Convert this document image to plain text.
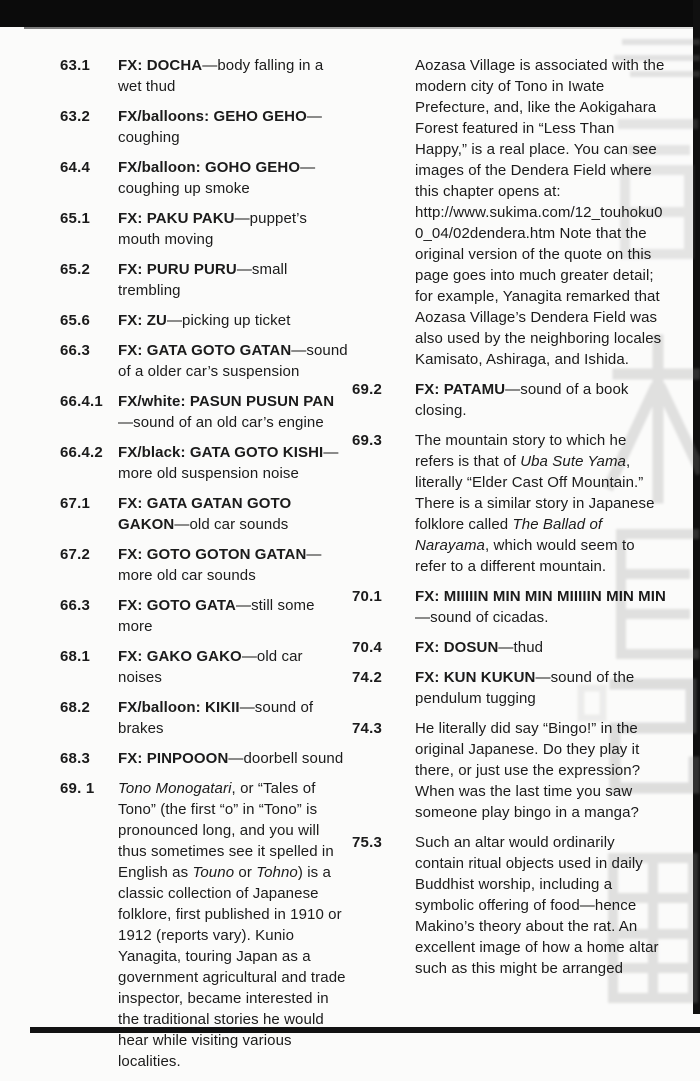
63.1	FX: DOCHA—body falling in a wet thud
63.2	FX/balloons: GEHO GEHO—coughing
64.4	FX/balloon: GOHO GEHO—coughing up smoke
65.1	FX: PAKU PAKU—puppet’s mouth moving
65.2	FX: PURU PURU—small trembling
65.6	FX: ZU—picking up ticket
66.3	FX: GATA GOTO GATAN—sound of a older car’s suspension
66.4.1	FX/white: PASUN PUSUN PAN—sound of an old car’s engine
66.4.2	FX/black: GATA GOTO KISHI—more old suspension noise
67.1	FX: GATA GATAN GOTO GAKON—old car sounds
67.2	FX: GOTO GOTON GATAN—more old car sounds
66.3	FX: GOTO GATA—still some more
68.1	FX: GAKO GAKO—old car noises
68.2	FX/balloon: KIKII—sound of brakes
68.3	FX: PINPOOON—doorbell sound
69. 1	Tono Monogatari, or “Tales of Tono” (the first “o” in “Tono” is pronounced long, and you will thus sometimes see it spelled in English as Touno or Tohno) is a classic collection of Japanese folklore, first published in 1910 or 1912 (reports vary). Kunio Yanagita, touring Japan as a government agricultural and trade inspector, became interested in the traditional stories he would hear while visiting various localities.
Aozasa Village is associated with the modern city of Tono in Iwate Prefecture, and, like the Aokigahara Forest featured in “Less Than Happy,” is a real place. You can see images of the Dendera Field where this chapter opens at: http://www.sukima.com/12_touhoku00_04/02dendera.htm Note that the original version of the quote on this page goes into much greater detail; for example, Yanagita remarked that Aozasa Village’s Dendera Field was also used by the neighboring locales Kamisato, Ashiraga, and Ishida.
69.2	FX: PATAMU—sound of a book closing.
69.3	The mountain story to which he refers is that of Uba Sute Yama, literally “Elder Cast Off Mountain.” There is a similar story in Japanese folklore called The Ballad of Narayama, which would seem to refer to a different mountain.
70.1	FX: MIIIIIN MIN MIN MIIIIIN MIN MIN—sound of cicadas.
70.4	FX: DOSUN—thud
74.2	FX: KUN KUKUN—sound of the pendulum tugging
74.3	He literally did say “Bingo!” in the original Japanese. Do they play it there, or just use the expression? When was the last time you saw someone play bingo in a manga?
75.3	Such an altar would ordinarily contain ritual objects used in daily Buddhist worship, including a symbolic offering of food—hence Makino’s theory about the rat. An excellent image of how a home altar such as this might be arranged
